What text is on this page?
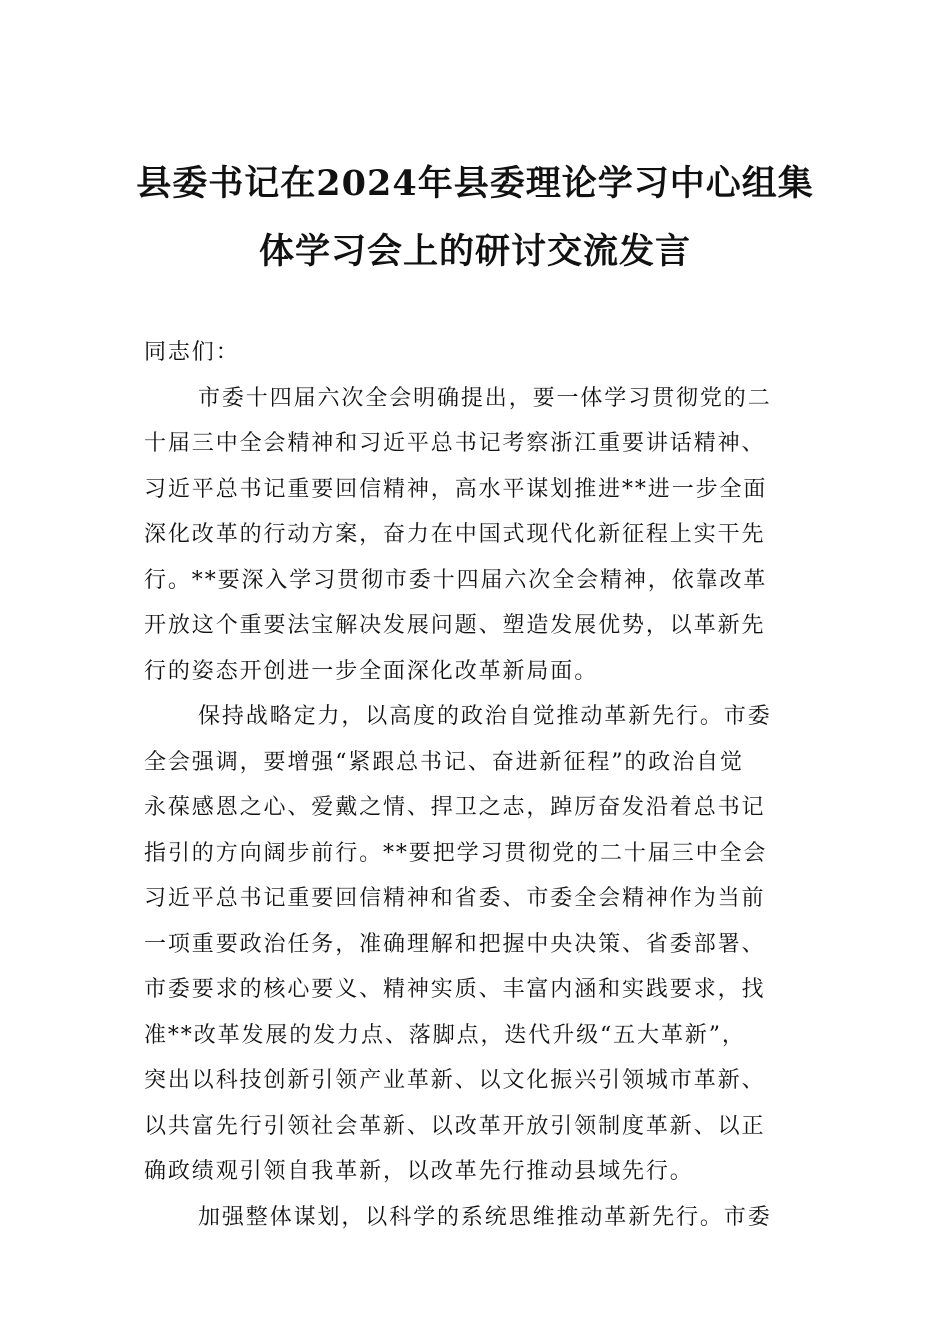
县委书记在2024年县委理论学习中心组集
体学习会上的研讨交流发言
同志们：
市委十四届六次全会明确提出，要一体学习贯彻党的二
十届三中全会精神和习近平总书记考察浙江重要讲话精神、
习近平总书记重要回信精神，高水平谋划推进**进一步全面
深化改革的行动方案，奋力在中国式现代化新征程上实干先
行。**要深入学习贯彻市委十四届六次全会精神，依靠改革
开放这个重要法宝解决发展问题、塑造发展优势，以革新先
行的姿态开创进一步全面深化改革新局面。
保持战略定力，以高度的政治自觉推动革新先行。市委
全会强调，要增强“紧跟总书记、奋进新征程”的政治自觉
永葆感恩之心、爱戴之情、捍卫之志，踔厉奋发沿着总书记
指引的方向阔步前行。**要把学习贯彻党的二十届三中全会
习近平总书记重要回信精神和省委、市委全会精神作为当前
一项重要政治任务，准确理解和把握中央决策、省委部署、
市委要求的核心要义、精神实质、丰富内涵和实践要求，找
准**改革发展的发力点、落脚点，迭代升级“五大革新”，
突出以科技创新引领产业革新、以文化振兴引领城市革新、
以共富先行引领社会革新、以改革开放引领制度革新、以正
确政绩观引领自我革新，以改革先行推动县域先行。
加强整体谋划，以科学的系统思维推动革新先行。市委
